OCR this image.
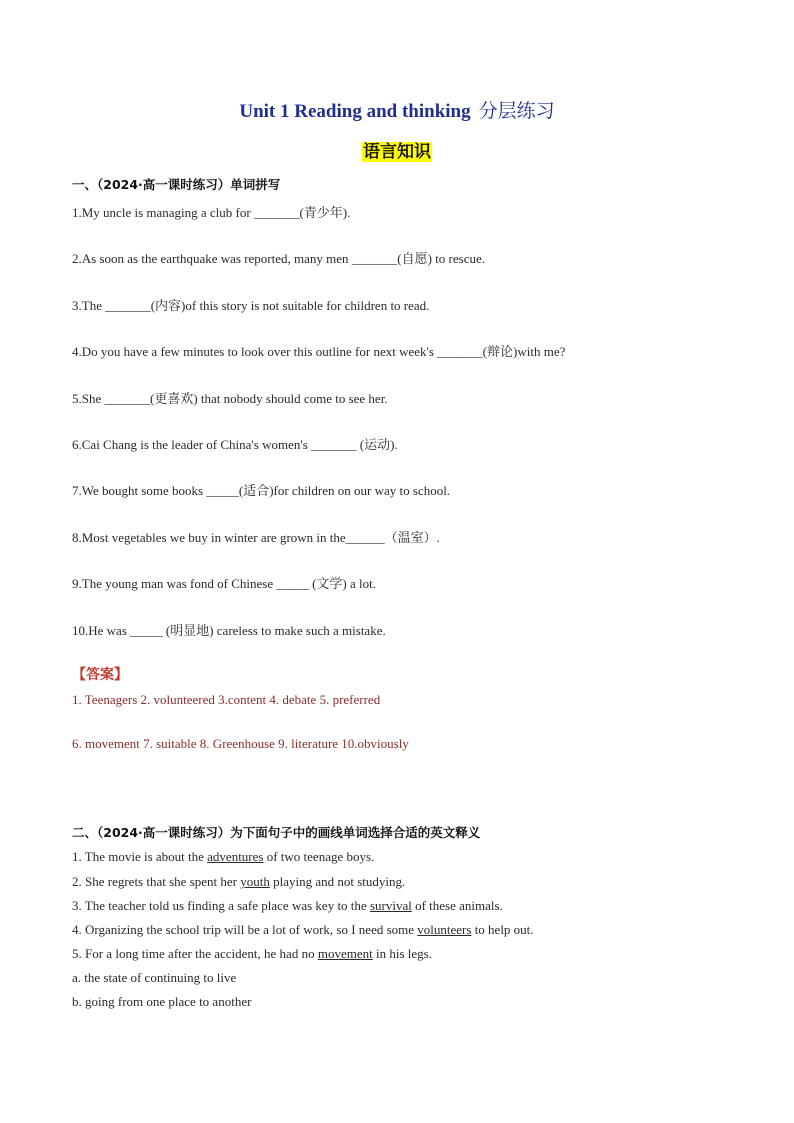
Unit 1 Reading and thinking 分层练习
语言知识
一、（2024·高一课时练习）单词拼写
1.My uncle is managing a club for _______(青少年).
2.As soon as the earthquake was reported, many men _______(自愿) to rescue.
3.The _______(内容)of this story is not suitable for children to read.
4.Do you have a few minutes to look over this outline for next week's _______(辩论)with me?
5.She _______(更喜欢) that nobody should come to see her.
6.Cai Chang is the leader of China's women's _______ (运动).
7.We bought some books _____(适合)for children on our way to school.
8.Most vegetables we buy in winter are grown in the______（温室）.
9.The young man was fond of Chinese _____ (文学) a lot.
10.He was _____ (明显地) careless to make such a mistake.
【答案】
1. Teenagers 2. volunteered 3.content 4. debate 5. preferred
6. movement 7. suitable 8. Greenhouse 9. literature 10.obviously
二、（2024·高一课时练习）为下面句子中的画线单词选择合适的英文释义
1. The movie is about the adventures of two teenage boys.
2. She regrets that she spent her youth playing and not studying.
3. The teacher told us finding a safe place was key to the survival of these animals.
4. Organizing the school trip will be a lot of work, so I need some volunteers to help out.
5. For a long time after the accident, he had no movement in his legs.
a. the state of continuing to live
b. going from one place to another
